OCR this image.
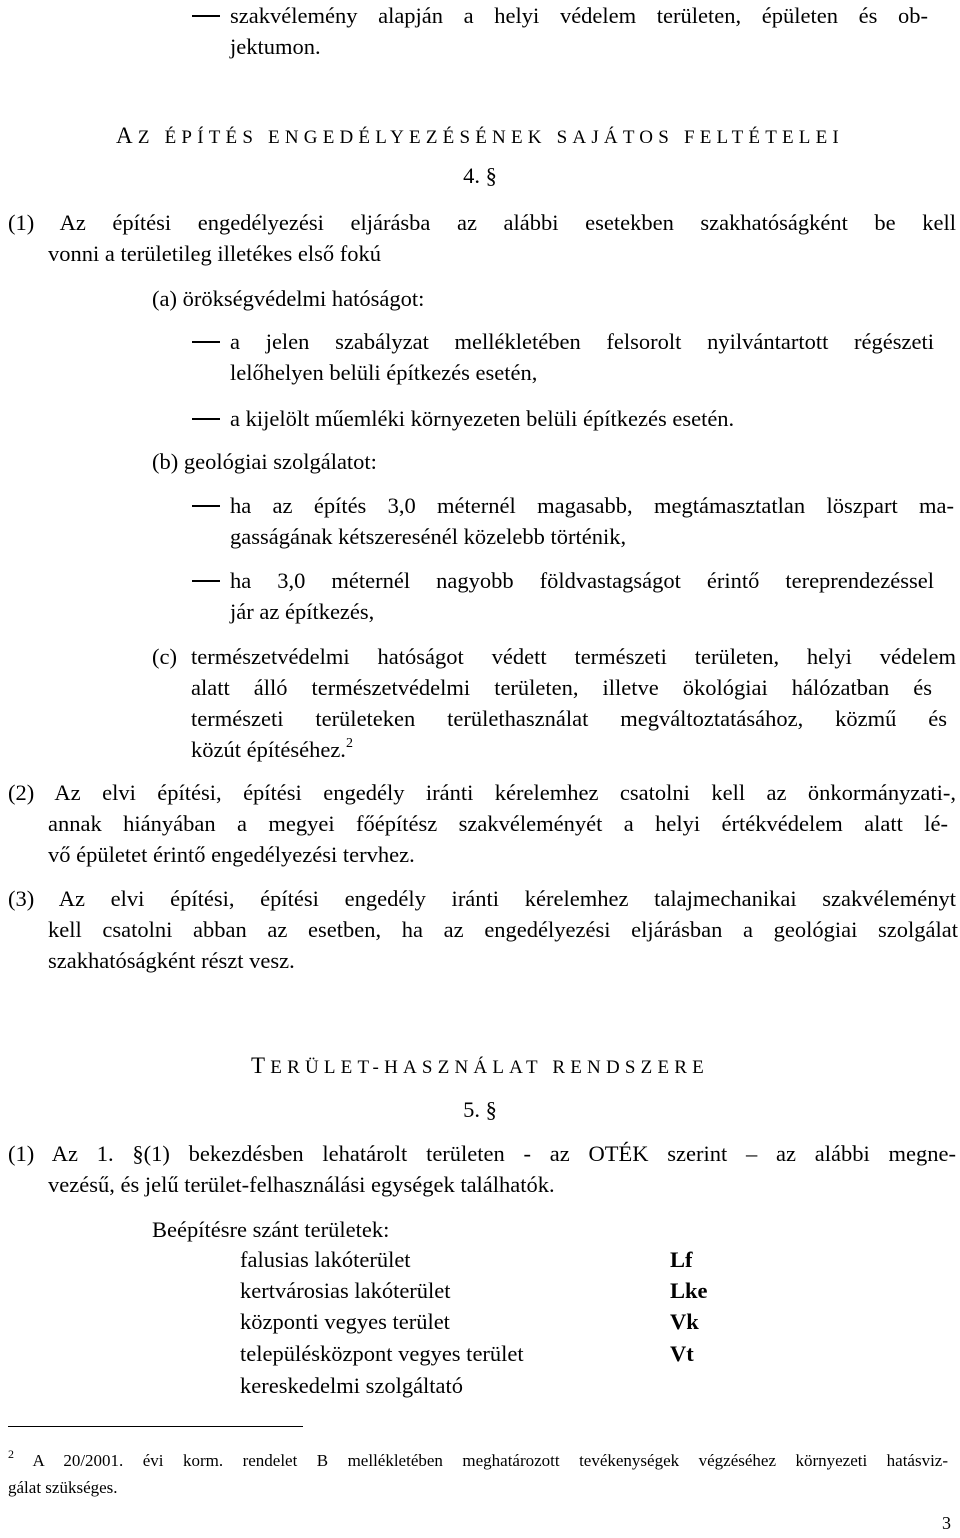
szakvélemény alapján a helyi védelem területen, épületen és ob-
jektumon.
AZ ÉPÍTÉS ENGEDÉLYEZÉSÉNEK SAJÁTOS FELTÉTELEI
4. §
(1) Az építési engedélyezési eljárásba az alábbi esetekben szakhatóságként be kell
vonni a területileg illetékes első fokú
(a) örökségvédelmi hatóságot:
a jelen szabályzat mellékletében felsorolt nyilvántartott régészeti
lelőhelyen belüli építkezés esetén,
a kijelölt műemléki környezeten belüli építkezés esetén.
(b) geológiai szolgálatot:
ha az építés 3,0 méternél magasabb, megtámasztatlan löszpart ma-
gasságának kétszeresénél közelebb történik,
ha 3,0 méternél nagyobb földvastagságot érintő tereprendezéssel
jár az építkezés,
(c) természetvédelmi hatóságot védett természeti területen, helyi védelem
alatt álló természetvédelmi területen, illetve ökológiai hálózatban és
természeti területeken területhasználat megváltoztatásához, közmű és
közút építéséhez.$^2$
(2) Az elvi építési, építési engedély iránti kérelemhez csatolni kell az önkormányzati-,
annak hiányában a megyei főépítész szakvéleményét a helyi értékvédelem alatt lé-
vő épületet érintő engedélyezési tervhez.
(3) Az elvi építési, építési engedély iránti kérelemhez talajmechanikai szakvéleményt
kell csatolni abban az esetben, ha az engedélyezési eljárásban a geológiai szolgálat
szakhatóságként részt vesz.
TERÜLET-HASZNÁLAT RENDSZERE
5. §
(1) Az 1. §(1) bekezdésben lehatárolt területen - az OTÉK szerint – az alábbi megne-
vezésű, és jelű terület-felhasználási egységek találhatók.
Beépítésre szánt területek:
falusias lakóterület	Lf
kertvárosias lakóterület	Lke
központi vegyes terület	Vk
településközpont vegyes terület	Vt
kereskedelmi szolgáltató
$^2$ A 20/2001. évi korm. rendelet B mellékletében meghatározott tevékenységek végzéséhez környezeti hatásviz-
gálat szükséges.
3
